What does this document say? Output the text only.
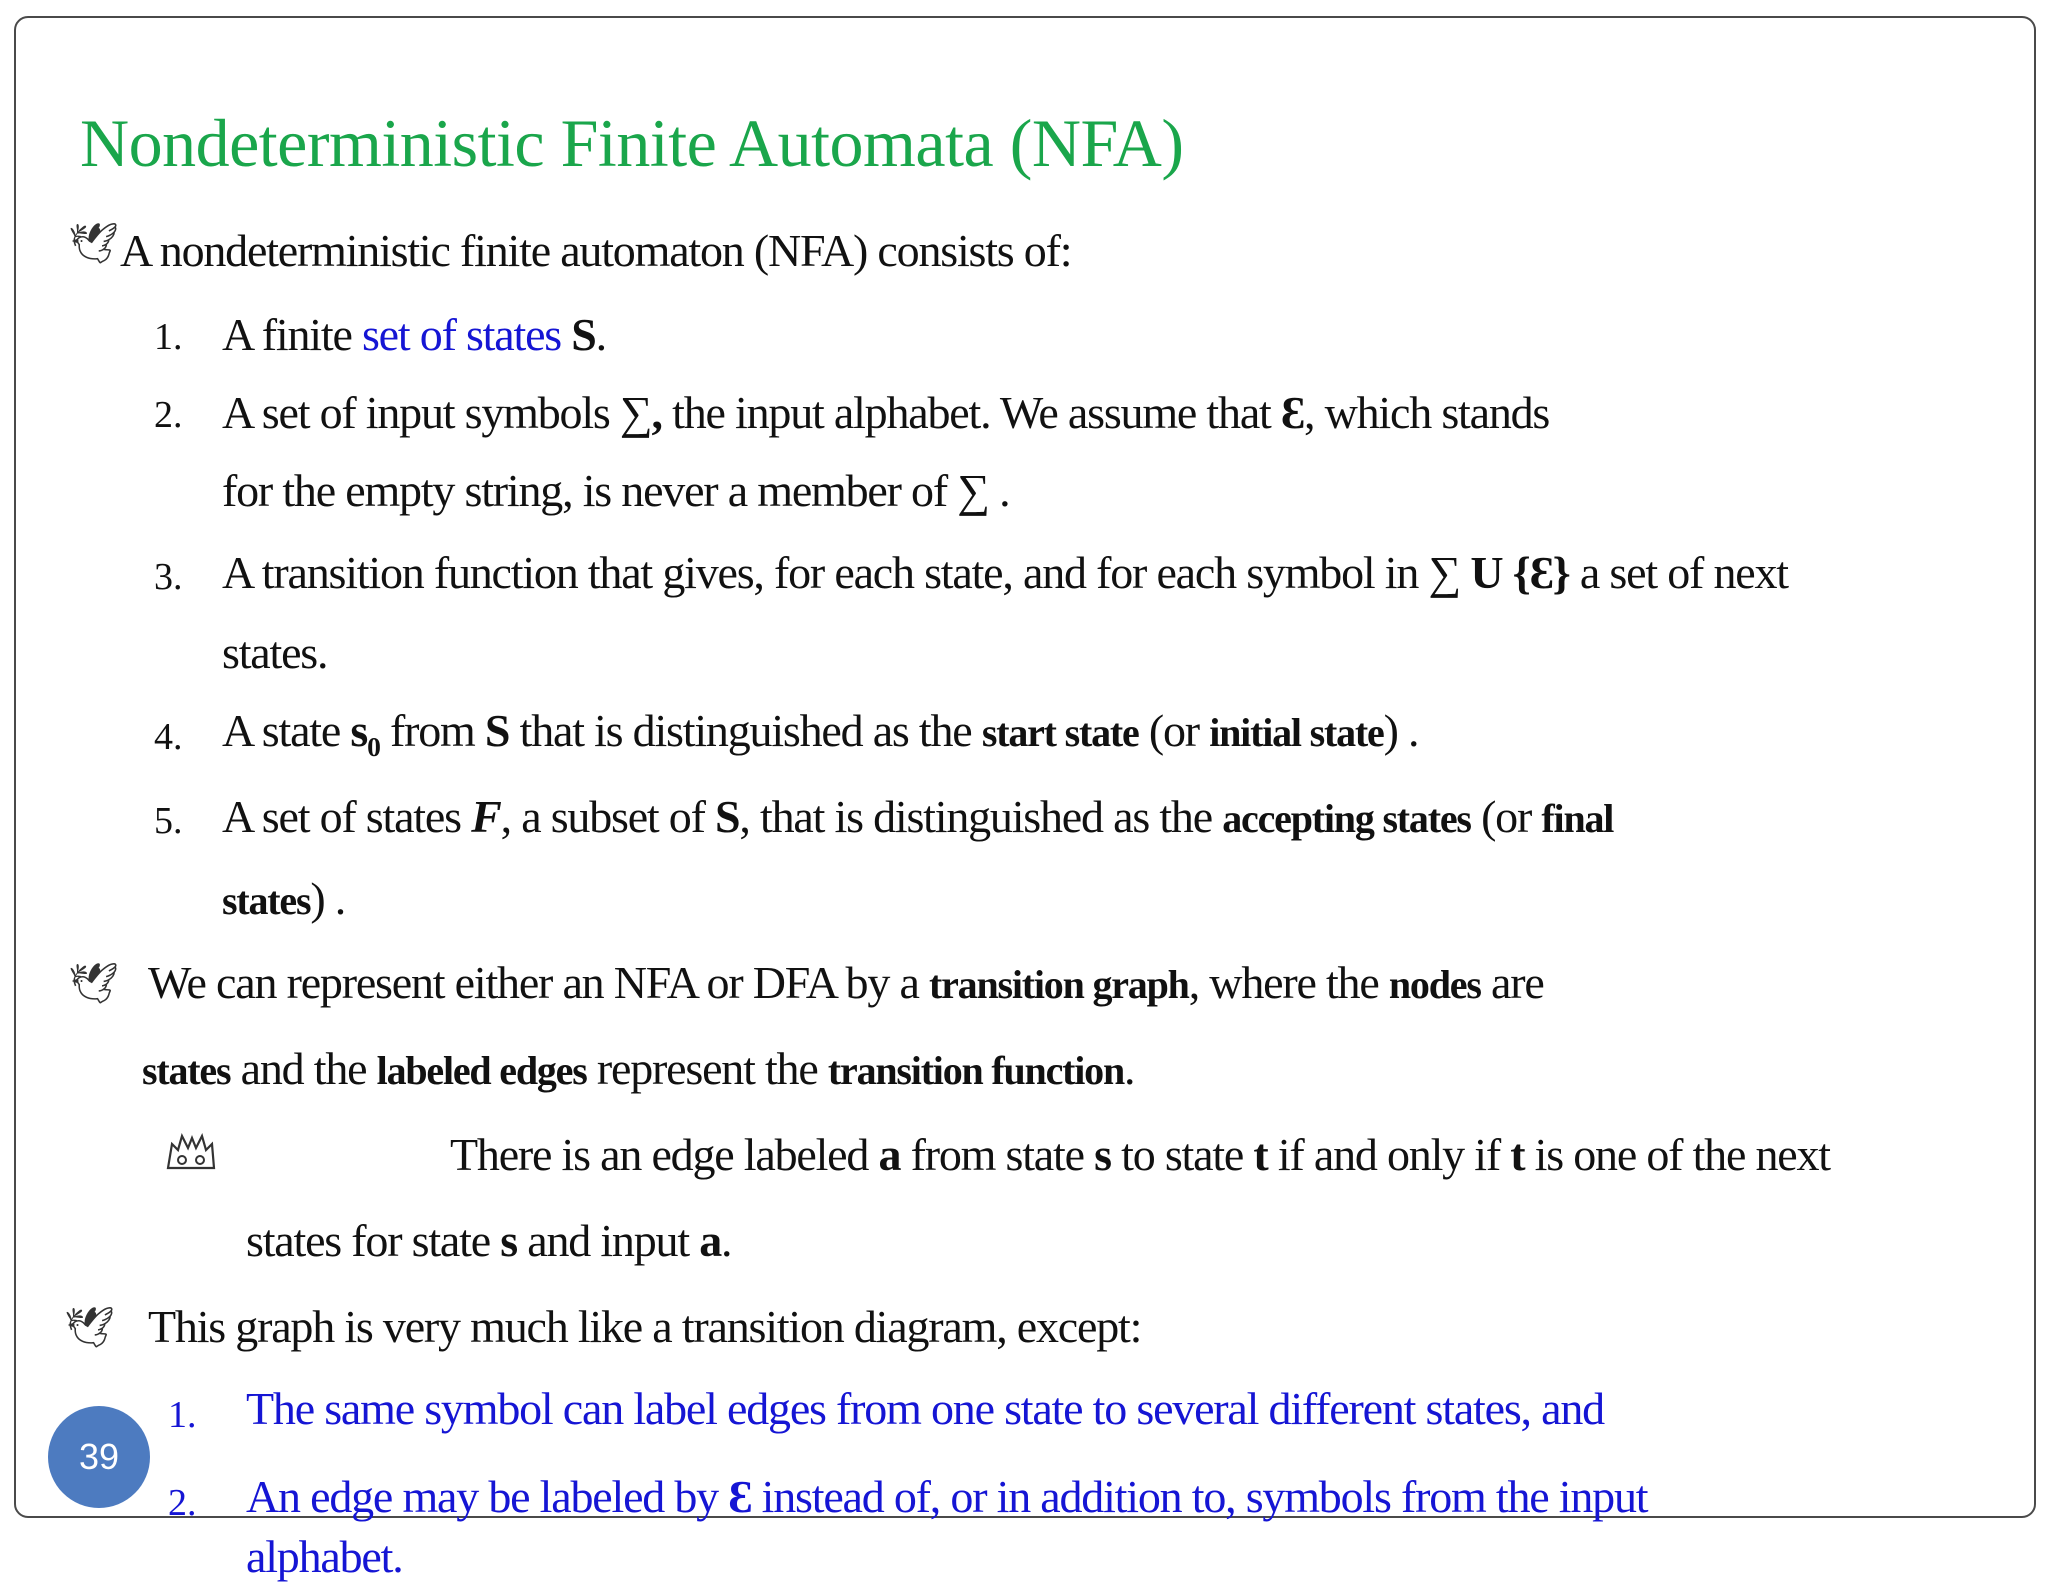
Nondeterministic Finite Automata (NFA)
🕊 A nondeterministic finite automaton (NFA) consists of:
1. A finite set of states S.
2. A set of input symbols ∑, the input alphabet. We assume that Ɛ, which stands
for the empty string, is never a member of ∑ .
3. A transition function that gives, for each state, and for each symbol in ∑ U {Ɛ} a set of next
states.
4. A state $s_0$ from S that is distinguished as the start state (or initial state) .
5. A set of states F, a subset of S, that is distinguished as the accepting states (or final
states) .
🕊 We can represent either an NFA or DFA by a transition graph, where the nodes are
states and the labeled edges represent the transition function.
There is an edge labeled a from state s to state t if and only if t is one of the next
states for state s and input a.
🕊 This graph is very much like a transition diagram, except:
1. The same symbol can label edges from one state to several different states, and
2. An edge may be labeled by Ɛ instead of, or in addition to, symbols from the input
alphabet.
39
